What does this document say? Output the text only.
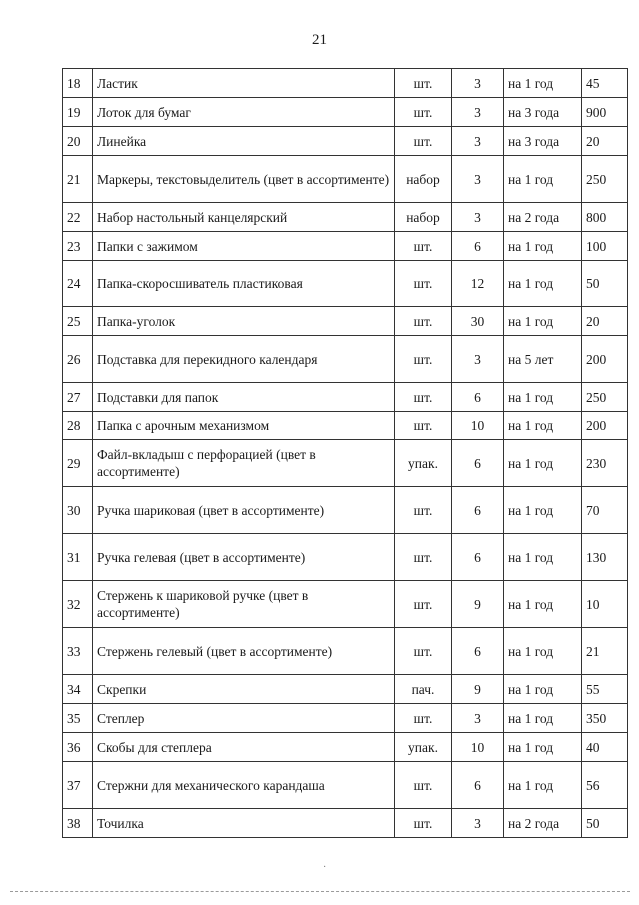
21
18	Ластик	шт.	3	на 1 год	45
19	Лоток для бумаг	шт.	3	на 3 года	900
20	Линейка	шт.	3	на 3 года	20
21	Маркеры, текстовыделитель (цвет в ассортименте)	набор	3	на 1 год	250
22	Набор настольный канцелярский	набор	3	на 2 года	800
23	Папки с зажимом	шт.	6	на 1 год	100
24	Папка-скоросшиватель пластиковая	шт.	12	на 1 год	50
25	Папка-уголок	шт.	30	на 1 год	20
26	Подставка для перекидного календаря	шт.	3	на 5 лет	200
27	Подставки для папок	шт.	6	на 1 год	250
28	Папка с арочным механизмом	шт.	10	на 1 год	200
29	Файл-вкладыш с перфорацией (цвет в ассортименте)	упак.	6	на 1 год	230
30	Ручка шариковая (цвет в ассортименте)	шт.	6	на 1 год	70
31	Ручка гелевая (цвет в ассортименте)	шт.	6	на 1 год	130
32	Стержень к шариковой ручке (цвет в ассортименте)	шт.	9	на 1 год	10
33	Стержень гелевый (цвет в ассортименте)	шт.	6	на 1 год	21
34	Скрепки	пач.	9	на 1 год	55
35	Степлер	шт.	3	на 1 год	350
36	Скобы для степлера	упак.	10	на 1 год	40
37	Стержни для механического карандаша	шт.	6	на 1 год	56
38	Точилка	шт.	3	на 2 года	50
·
